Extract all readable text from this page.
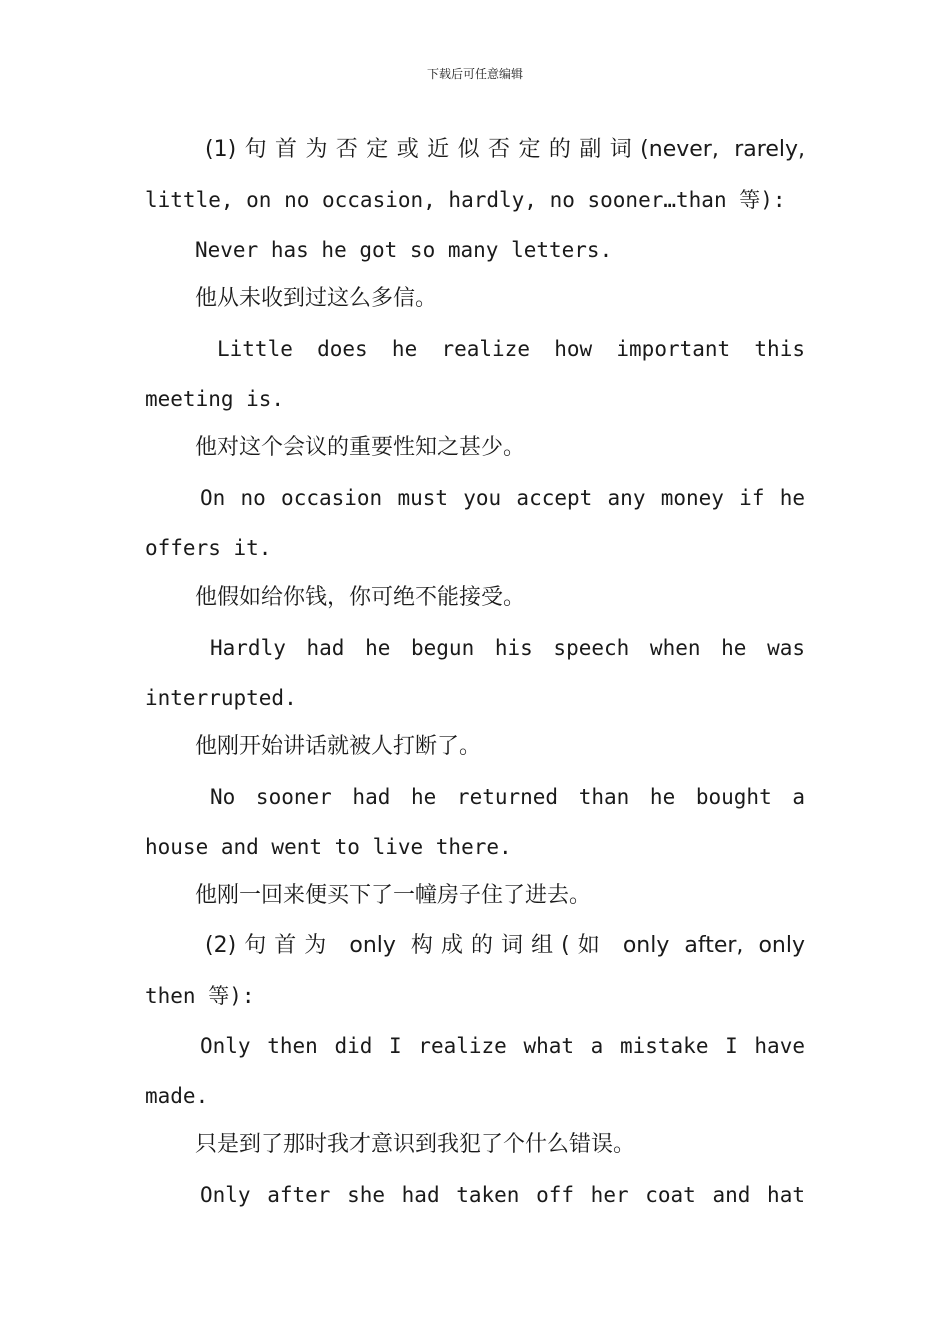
下载后可任意编辑
(1)句首为否定或近似否定的副词(never, rarely,
little, on no occasion, hardly, no sooner…than 等):
Never has he got so many letters.
他从未收到过这么多信。
Little does he realize how important this
meeting is.
他对这个会议的重要性知之甚少。
On no occasion must you accept any money if he
offers it.
他假如给你钱，你可绝不能接受。
Hardly had he begun his speech when he was
interrupted.
他刚开始讲话就被人打断了。
No sooner had he returned than he bought a
house and went to live there.
他刚一回来便买下了一幢房子住了进去。
(2)句首为 only 构成的词组(如 only after, only
then 等):
Only then did I realize what a mistake I have
made.
只是到了那时我才意识到我犯了个什么错误。
Only after she had taken off her coat and hat
